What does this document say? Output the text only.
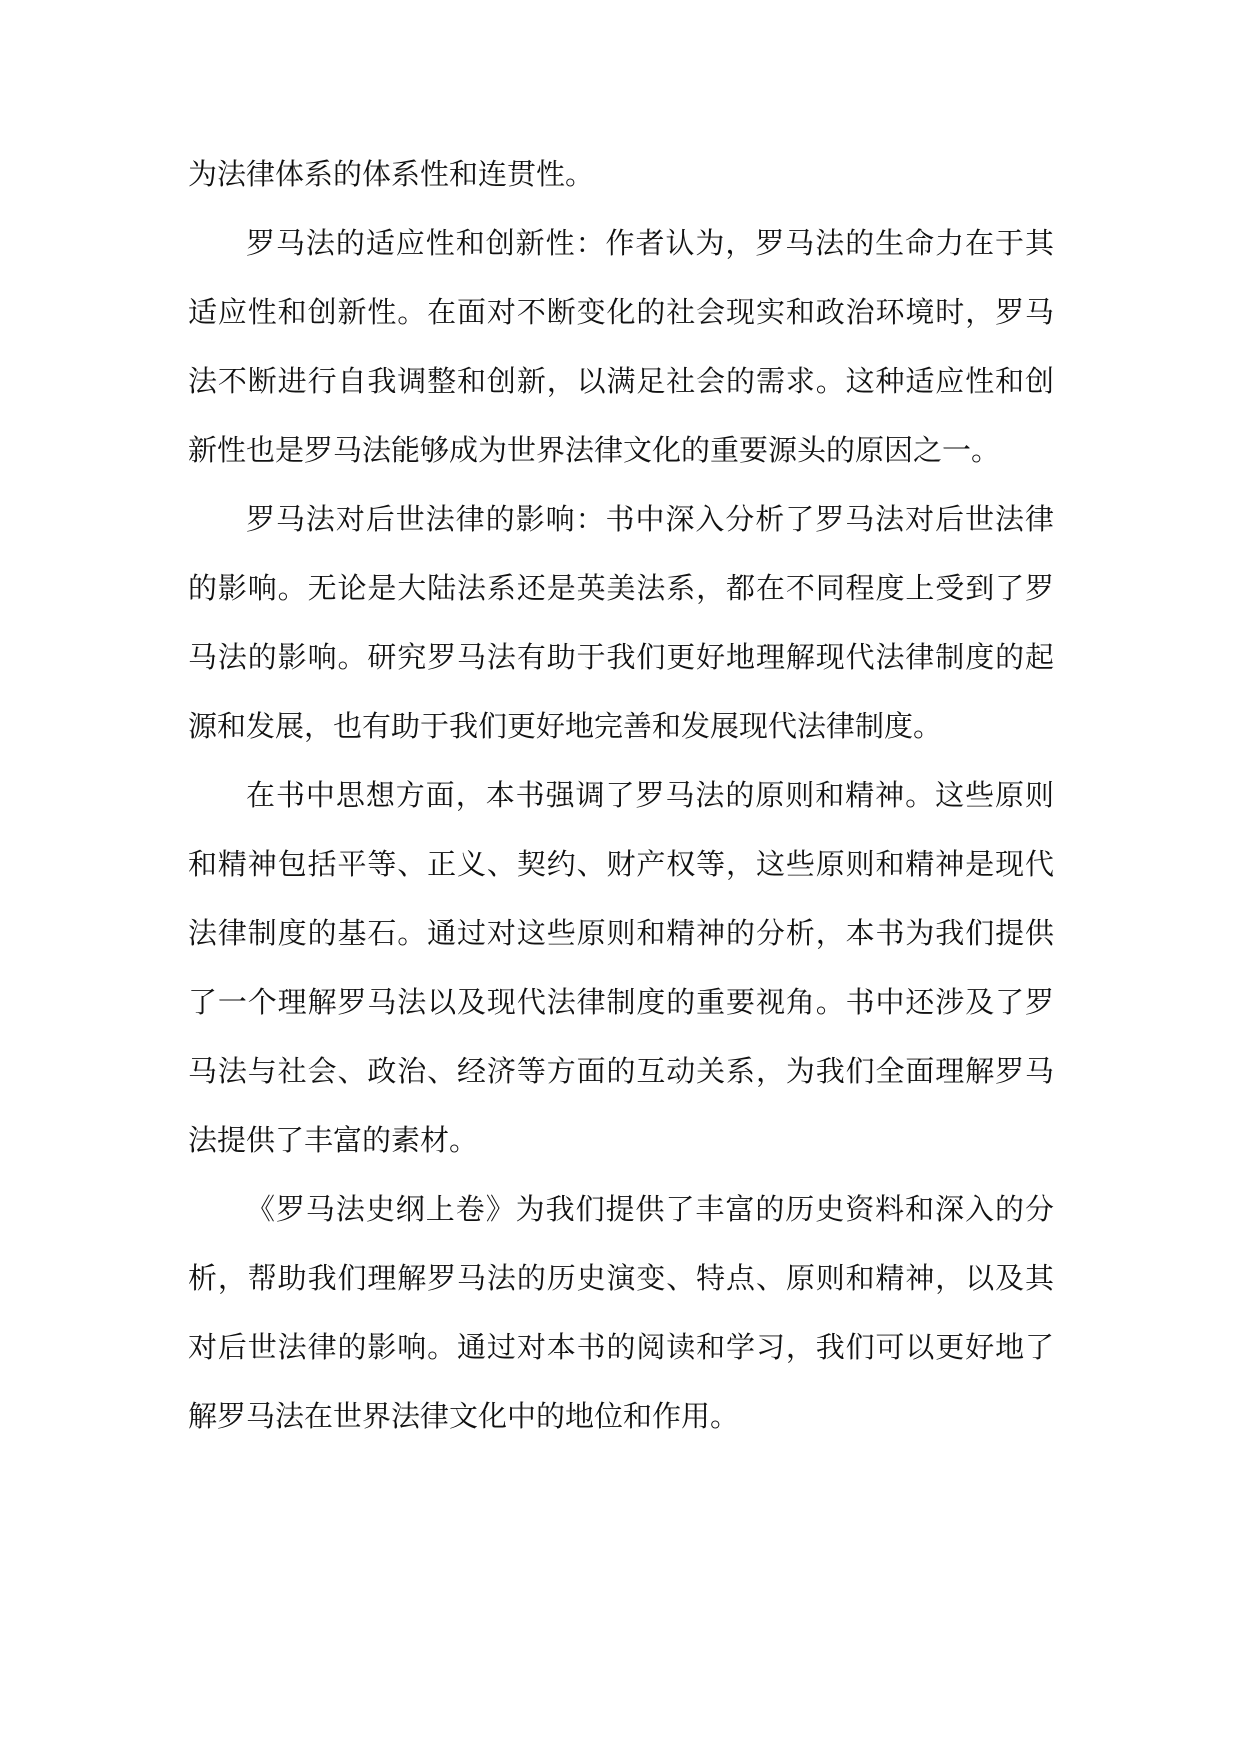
为法律体系的体系性和连贯性。

罗马法的适应性和创新性：作者认为，罗马法的生命力在于其适应性和创新性。在面对不断变化的社会现实和政治环境时，罗马法不断进行自我调整和创新，以满足社会的需求。这种适应性和创新性也是罗马法能够成为世界法律文化的重要源头的原因之一。

罗马法对后世法律的影响：书中深入分析了罗马法对后世法律的影响。无论是大陆法系还是英美法系，都在不同程度上受到了罗马法的影响。研究罗马法有助于我们更好地理解现代法律制度的起源和发展，也有助于我们更好地完善和发展现代法律制度。

在书中思想方面，本书强调了罗马法的原则和精神。这些原则和精神包括平等、正义、契约、财产权等，这些原则和精神是现代法律制度的基石。通过对这些原则和精神的分析，本书为我们提供了一个理解罗马法以及现代法律制度的重要视角。书中还涉及了罗马法与社会、政治、经济等方面的互动关系，为我们全面理解罗马法提供了丰富的素材。

《罗马法史纲上卷》为我们提供了丰富的历史资料和深入的分析，帮助我们理解罗马法的历史演变、特点、原则和精神，以及其对后世法律的影响。通过对本书的阅读和学习，我们可以更好地了解罗马法在世界法律文化中的地位和作用。
